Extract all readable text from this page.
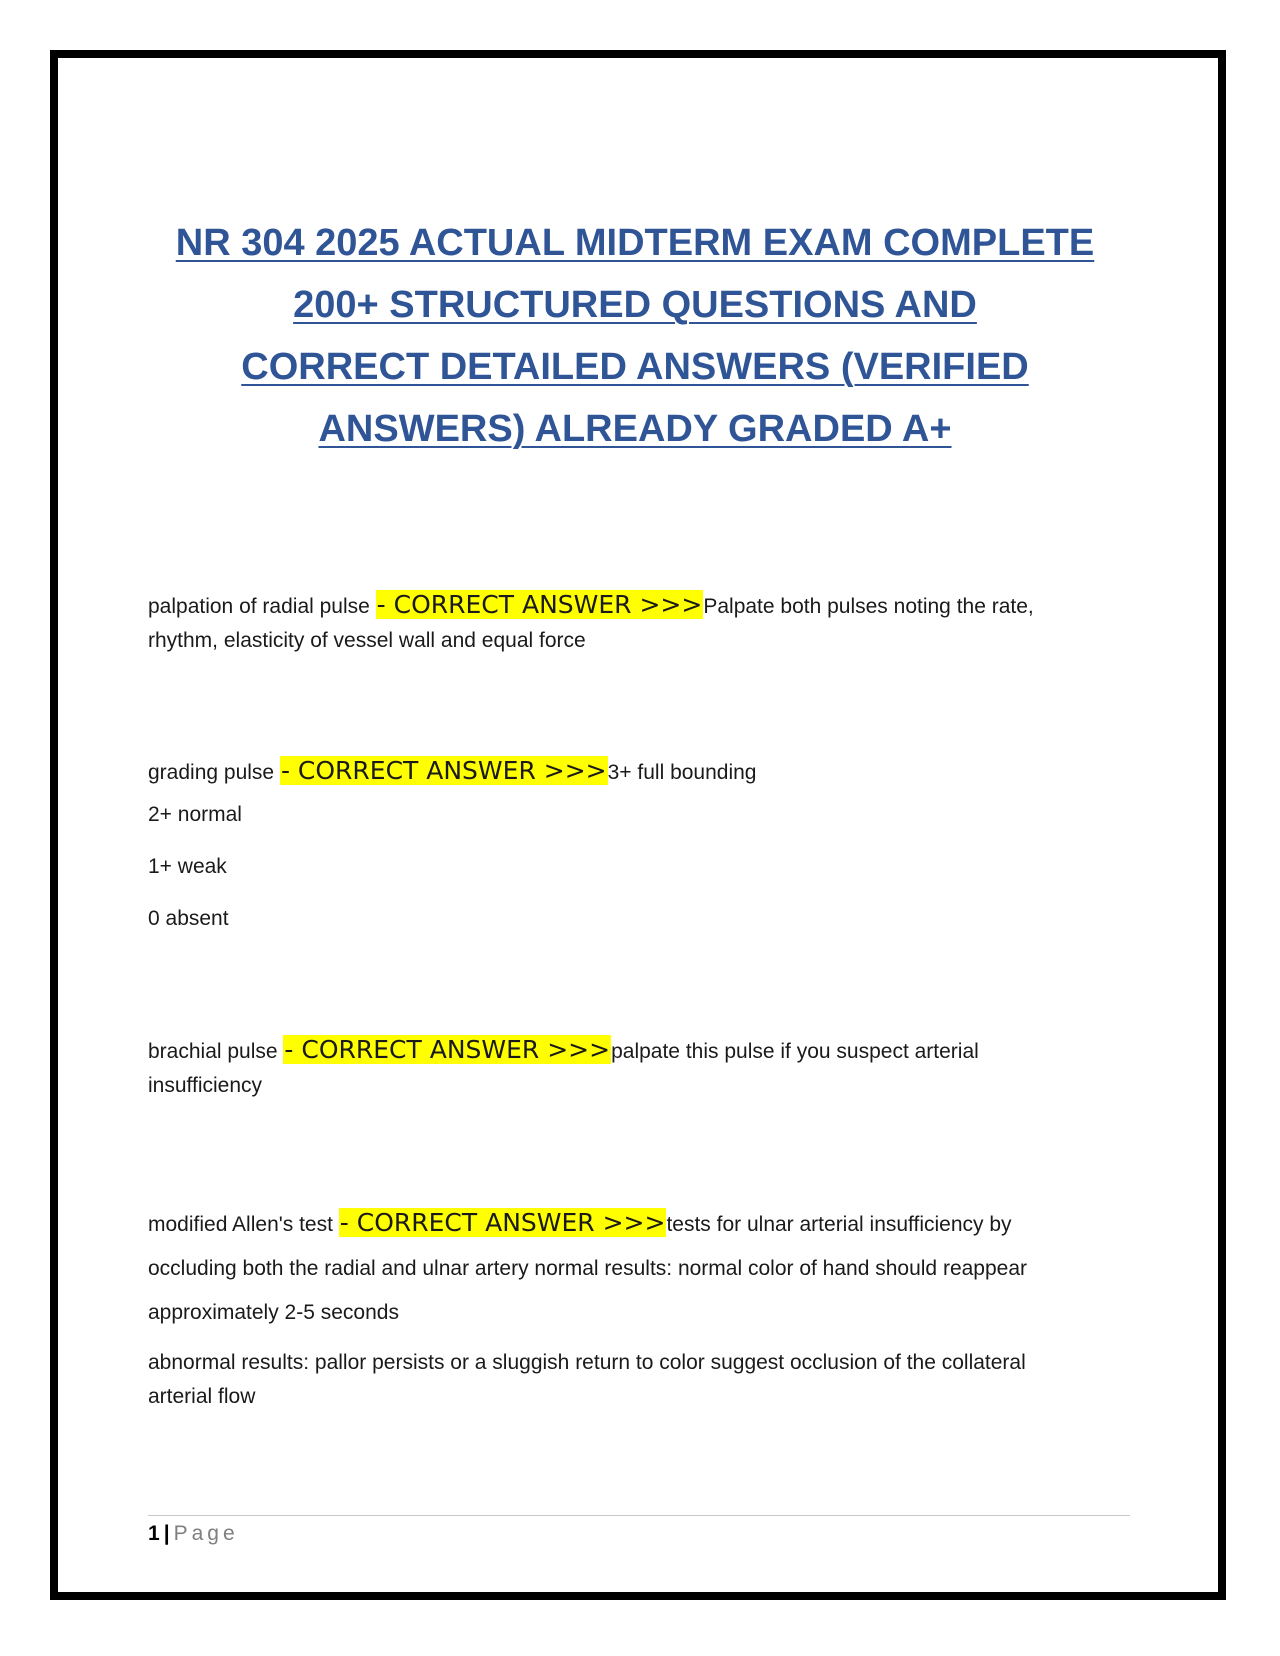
NR 304 2025 ACTUAL MIDTERM EXAM COMPLETE
200+ STRUCTURED QUESTIONS AND
CORRECT DETAILED ANSWERS (VERIFIED
ANSWERS) ALREADY GRADED A+
palpation of radial pulse - CORRECT ANSWER >>>Palpate both pulses noting the rate,
rhythm, elasticity of vessel wall and equal force
grading pulse - CORRECT ANSWER >>>3+ full bounding
2+ normal
1+ weak
0 absent
brachial pulse - CORRECT ANSWER >>>palpate this pulse if you suspect arterial
insufficiency
modified Allen's test - CORRECT ANSWER >>>tests for ulnar arterial insufficiency by
occluding both the radial and ulnar artery normal results: normal color of hand should reappear
approximately 2-5 seconds
abnormal results: pallor persists or a sluggish return to color suggest occlusion of the collateral
arterial flow
1 | Page
